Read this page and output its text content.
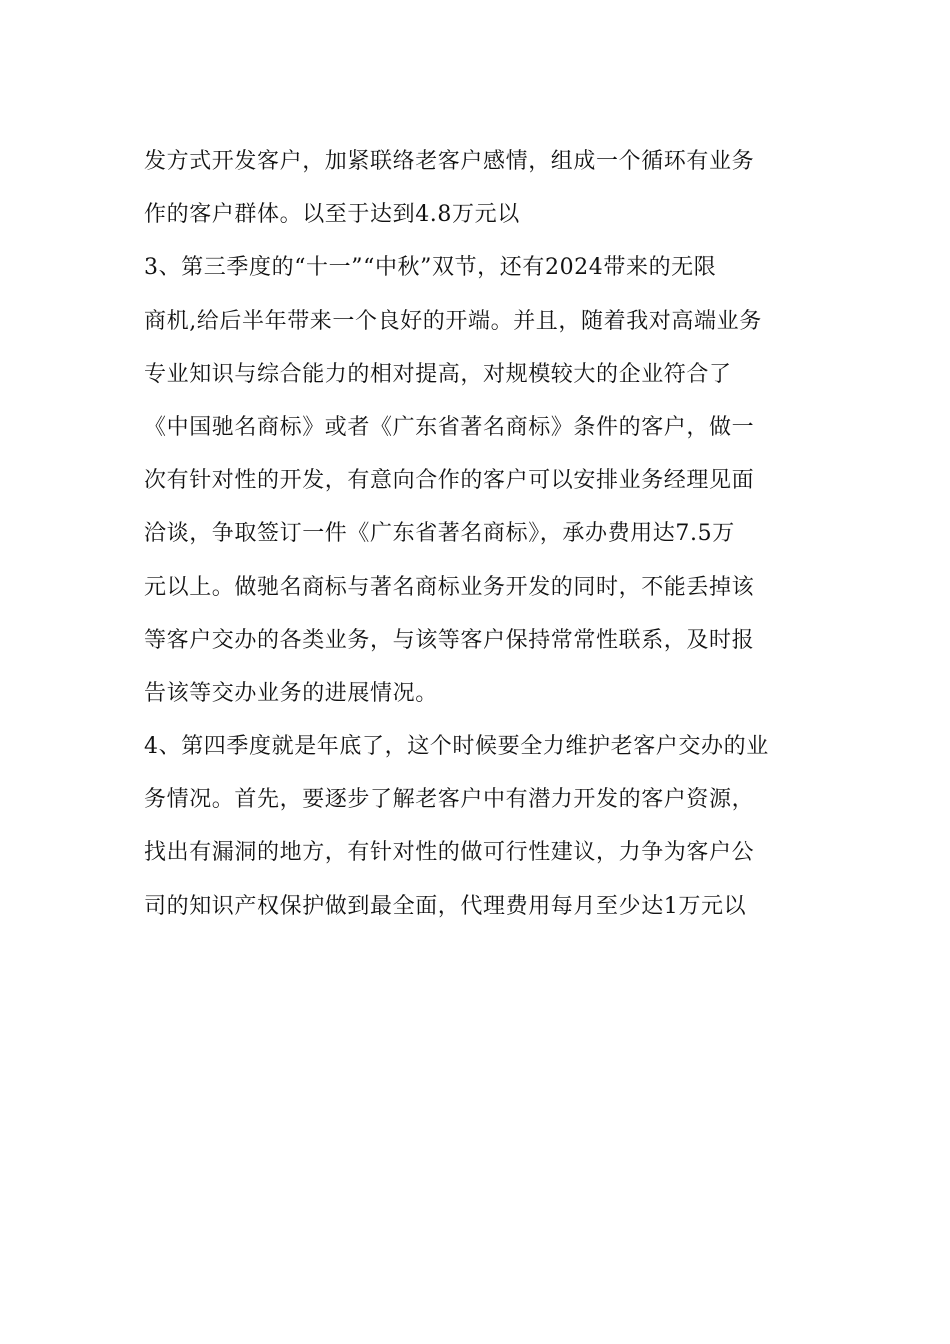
发方式开发客户，加紧联络老客户感情，组成一个循环有业务
作的客户群体。以至于达到4.8万元以
3、第三季度的“十一”“中秋”双节，还有2024带来的无限
商机,给后半年带来一个良好的开端。并且，随着我对高端业务
专业知识与综合能力的相对提高，对规模较大的企业符合了
《中国驰名商标》或者《广东省著名商标》条件的客户，做一
次有针对性的开发，有意向合作的客户可以安排业务经理见面
洽谈，争取签订一件《广东省著名商标》，承办费用达7.5万
元以上。做驰名商标与著名商标业务开发的同时，不能丢掉该
等客户交办的各类业务，与该等客户保持常常性联系，及时报
告该等交办业务的进展情况。
4、第四季度就是年底了，这个时候要全力维护老客户交办的业
务情况。首先，要逐步了解老客户中有潜力开发的客户资源，
找出有漏洞的地方，有针对性的做可行性建议，力争为客户公
司的知识产权保护做到最全面，代理费用每月至少达1万元以
